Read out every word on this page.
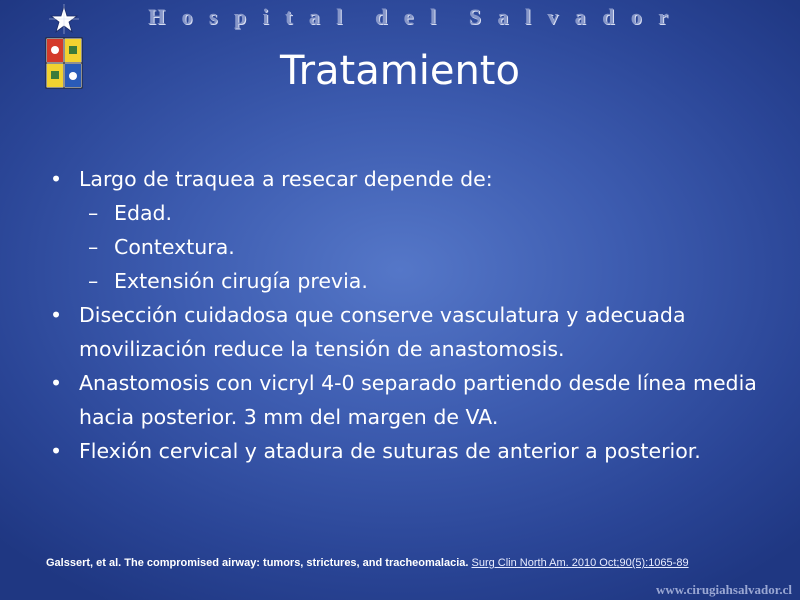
H o s p i t a l d e l S a l v a d o r
Tratamiento
• Largo de traquea a resecar depende de:
– Edad.
– Contextura.
– Extensión cirugía previa.
• Disección cuidadosa que conserve vasculatura y adecuada movilización reduce la tensión de anastomosis.
• Anastomosis con vicryl 4-0 separado partiendo desde línea media hacia posterior. 3 mm del margen de VA.
• Flexión cervical y atadura de suturas de anterior a posterior.
Galssert, et al. The compromised airway: tumors, strictures, and tracheomalacia. Surg Clin North Am. 2010 Oct;90(5):1065-89
www.cirugiahsalvador.cl
